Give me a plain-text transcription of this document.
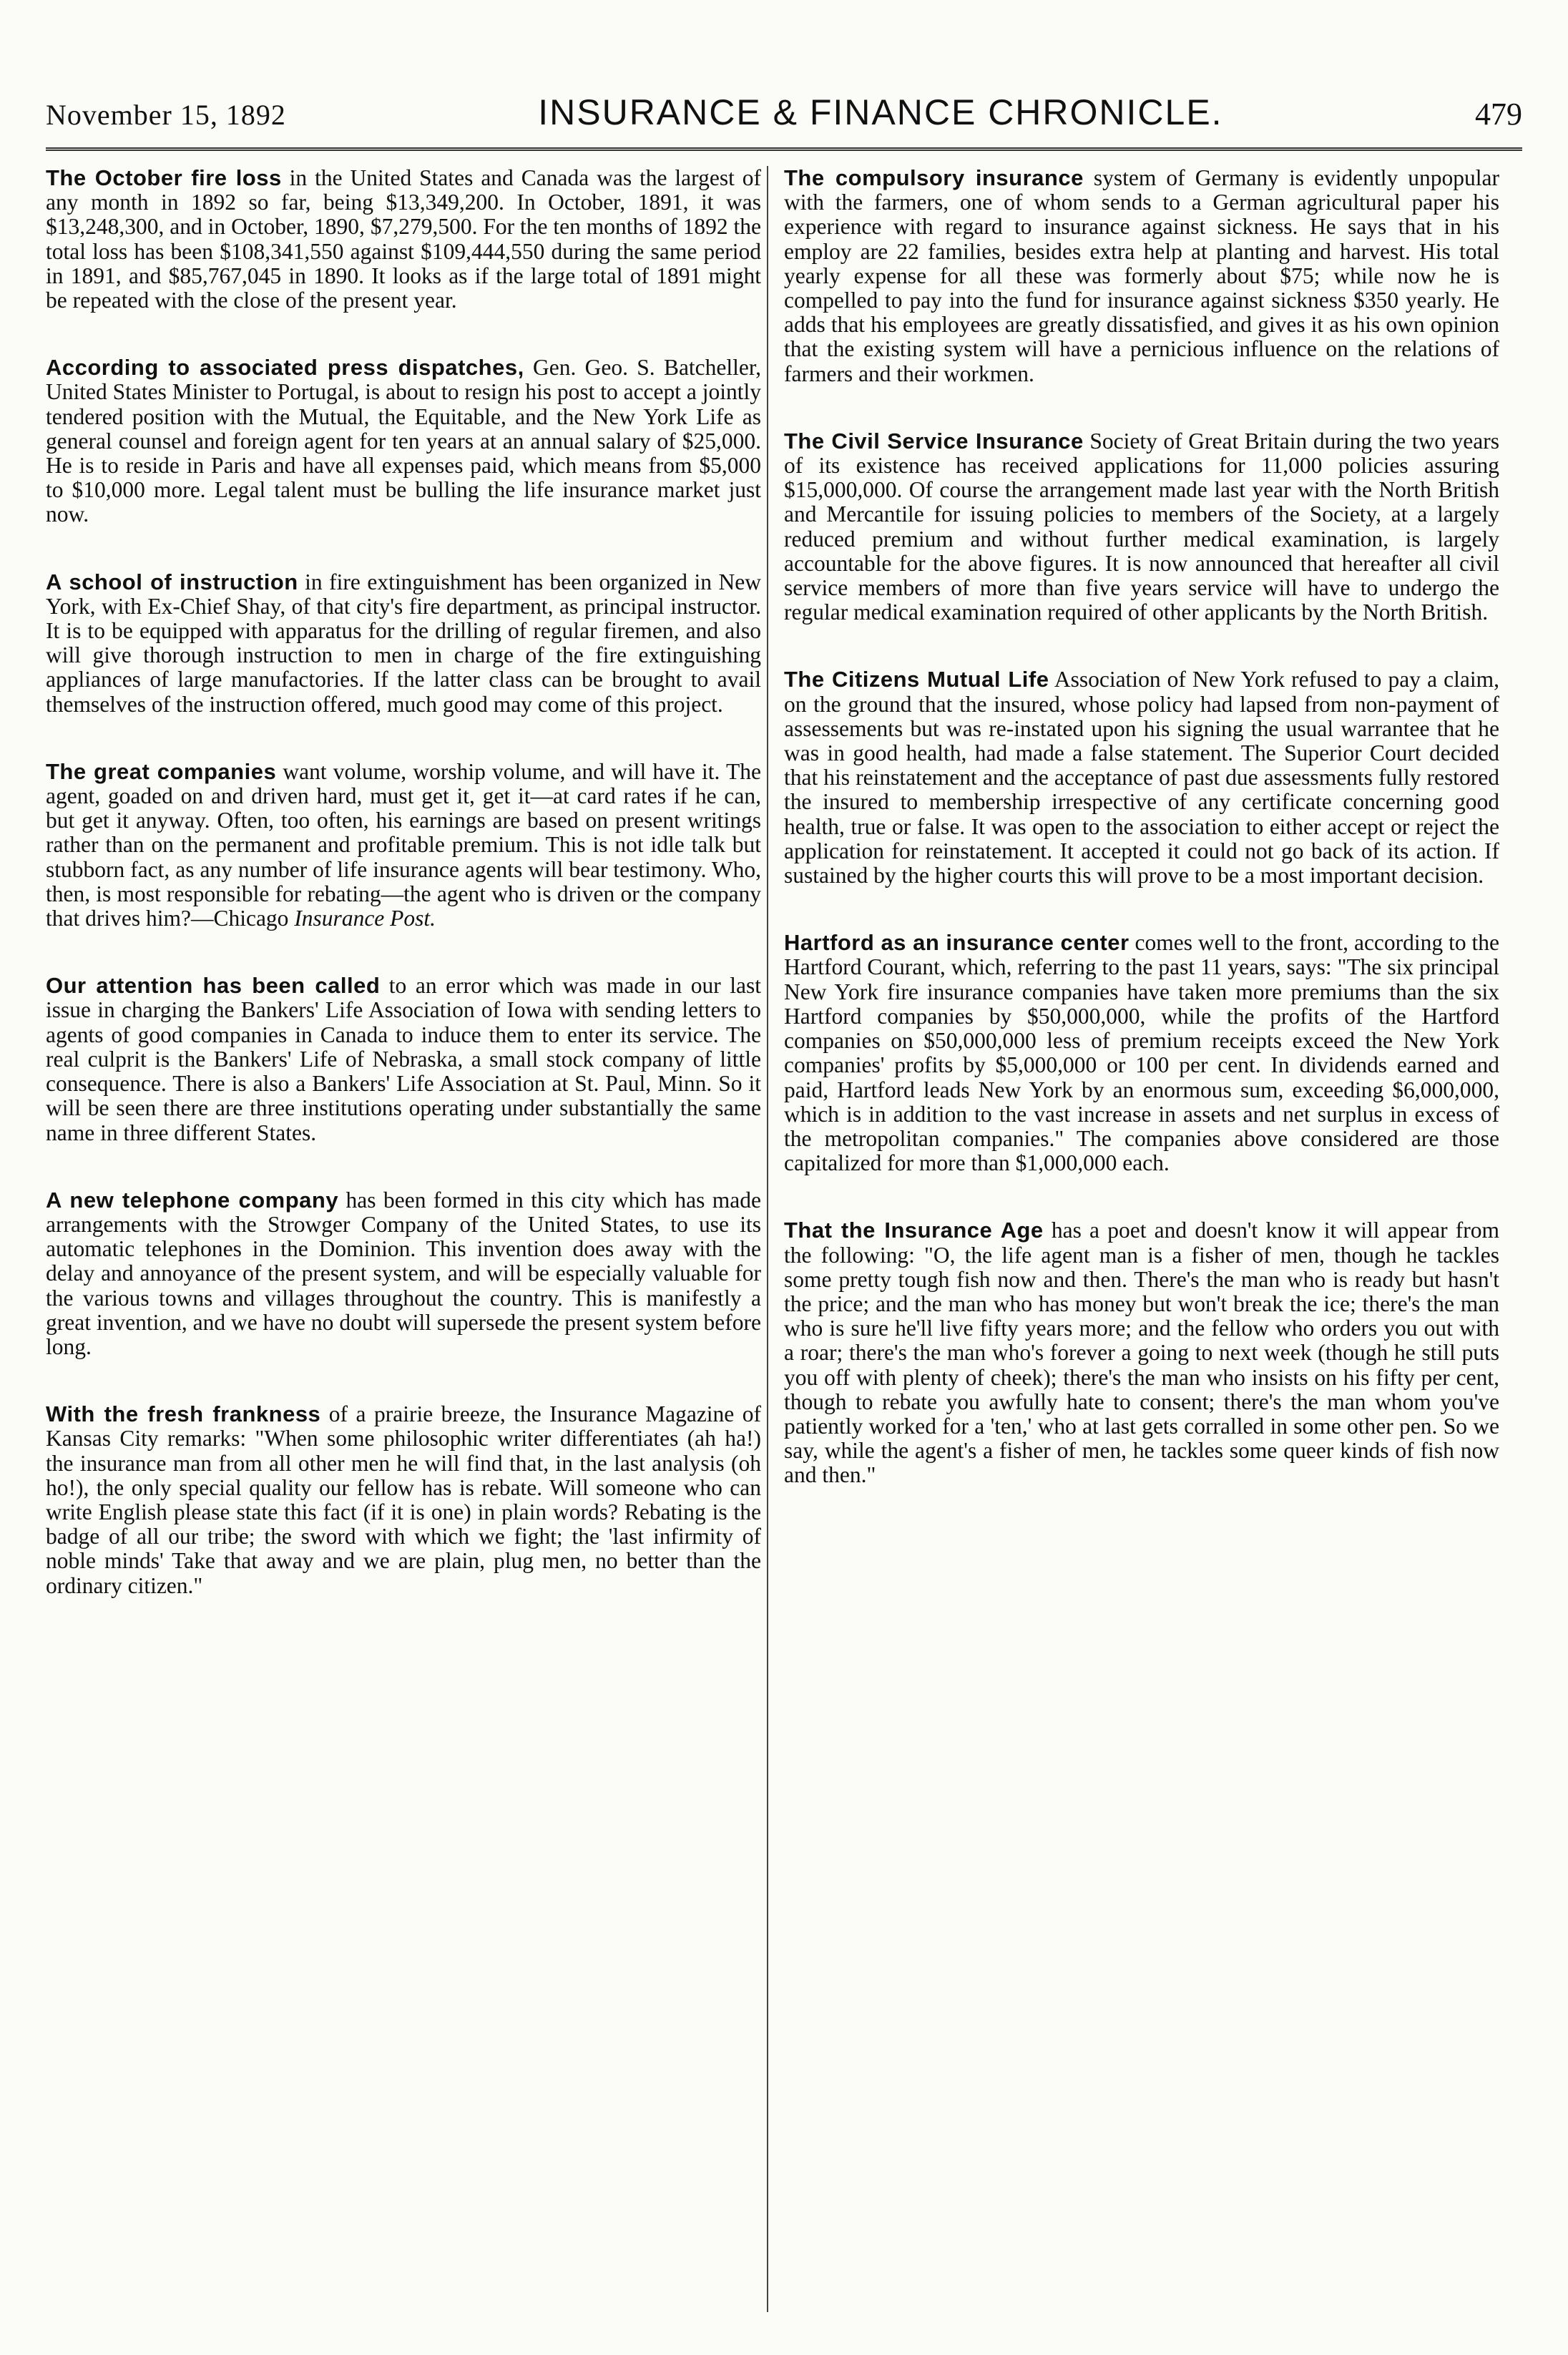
November 15, 1892	INSURANCE & FINANCE CHRONICLE.	479

The October fire loss in the United States and Canada was the largest of any month in 1892 so far, being $13,349,200. In October, 1891, it was $13,248,300, and in October, 1890, $7,279,500. For the ten months of 1892 the total loss has been $108,341,550 against $109,444,550 during the same period in 1891, and $85,767,045 in 1890. It looks as if the large total of 1891 might be repeated with the close of the present year.

According to associated press dispatches, Gen. Geo. S. Batcheller, United States Minister to Portugal, is about to resign his post to accept a jointly tendered position with the Mutual, the Equitable, and the New York Life as general counsel and foreign agent for ten years at an annual salary of $25,000. He is to reside in Paris and have all expenses paid, which means from $5,000 to $10,000 more. Legal talent must be bulling the life insurance market just now.

A school of instruction in fire extinguishment has been organized in New York, with Ex-Chief Shay, of that city's fire department, as principal instructor. It is to be equipped with apparatus for the drilling of regular firemen, and also will give thorough instruction to men in charge of the fire extinguishing appliances of large manufactories. If the latter class can be brought to avail themselves of the instruction offered, much good may come of this project.

The great companies want volume, worship volume, and will have it. The agent, goaded on and driven hard, must get it, get it—at card rates if he can, but get it anyway. Often, too often, his earnings are based on present writings rather than on the permanent and profitable premium. This is not idle talk but stubborn fact, as any number of life insurance agents will bear testimony. Who, then, is most responsible for rebating—the agent who is driven or the company that drives him?—Chicago Insurance Post.

Our attention has been called to an error which was made in our last issue in charging the Bankers' Life Association of Iowa with sending letters to agents of good companies in Canada to induce them to enter its service. The real culprit is the Bankers' Life of Nebraska, a small stock company of little consequence. There is also a Bankers' Life Association at St. Paul, Minn. So it will be seen there are three institutions operating under substantially the same name in three different States.

A new telephone company has been formed in this city which has made arrangements with the Strowger Company of the United States, to use its automatic telephones in the Dominion. This invention does away with the delay and annoyance of the present system, and will be especially valuable for the various towns and villages throughout the country. This is manifestly a great invention, and we have no doubt will supersede the present system before long.

With the fresh frankness of a prairie breeze, the Insurance Magazine of Kansas City remarks: "When some philosophic writer differentiates (ah ha!) the insurance man from all other men he will find that, in the last analysis (oh ho!), the only special quality our fellow has is rebate. Will someone who can write English please state this fact (if it is one) in plain words? Rebating is the badge of all our tribe; the sword with which we fight; the 'last infirmity of noble minds' Take that away and we are plain, plug men, no better than the ordinary citizen."

The compulsory insurance system of Germany is evidently unpopular with the farmers, one of whom sends to a German agricultural paper his experience with regard to insurance against sickness. He says that in his employ are 22 families, besides extra help at planting and harvest. His total yearly expense for all these was formerly about $75; while now he is compelled to pay into the fund for insurance against sickness $350 yearly. He adds that his employees are greatly dissatisfied, and gives it as his own opinion that the existing system will have a pernicious influence on the relations of farmers and their workmen.

The Civil Service Insurance Society of Great Britain during the two years of its existence has received applications for 11,000 policies assuring $15,000,000. Of course the arrangement made last year with the North British and Mercantile for issuing policies to members of the Society, at a largely reduced premium and without further medical examination, is largely accountable for the above figures. It is now announced that hereafter all civil service members of more than five years service will have to undergo the regular medical examination required of other applicants by the North British.

The Citizens Mutual Life Association of New York refused to pay a claim, on the ground that the insured, whose policy had lapsed from non-payment of assessements but was re-instated upon his signing the usual warrantee that he was in good health, had made a false statement. The Superior Court decided that his reinstatement and the acceptance of past due assessments fully restored the insured to membership irrespective of any certificate concerning good health, true or false. It was open to the association to either accept or reject the application for reinstatement. It accepted it could not go back of its action. If sustained by the higher courts this will prove to be a most important decision.

Hartford as an insurance center comes well to the front, according to the Hartford Courant, which, referring to the past 11 years, says: "The six principal New York fire insurance companies have taken more premiums than the six Hartford companies by $50,000,000, while the profits of the Hartford companies on $50,000,000 less of premium receipts exceed the New York companies' profits by $5,000,000 or 100 per cent. In dividends earned and paid, Hartford leads New York by an enormous sum, exceeding $6,000,000, which is in addition to the vast increase in assets and net surplus in excess of the metropolitan companies." The companies above considered are those capitalized for more than $1,000,000 each.

That the Insurance Age has a poet and doesn't know it will appear from the following: "O, the life agent man is a fisher of men, though he tackles some pretty tough fish now and then. There's the man who is ready but hasn't the price; and the man who has money but won't break the ice; there's the man who is sure he'll live fifty years more; and the fellow who orders you out with a roar; there's the man who's forever a going to next week (though he still puts you off with plenty of cheek); there's the man who insists on his fifty per cent, though to rebate you awfully hate to consent; there's the man whom you've patiently worked for a 'ten,' who at last gets corralled in some other pen. So we say, while the agent's a fisher of men, he tackles some queer kinds of fish now and then."
